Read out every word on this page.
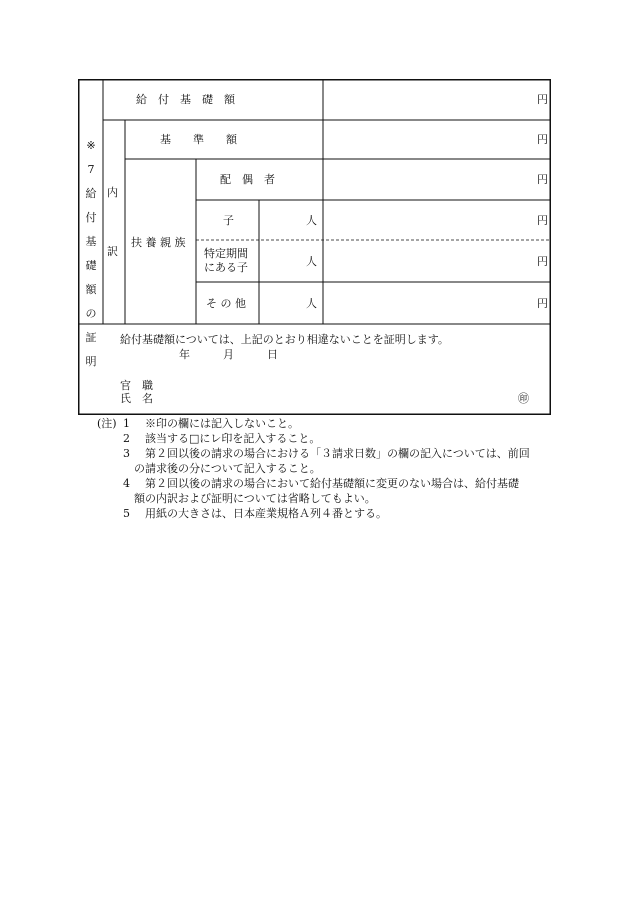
※
7
給
付
基
礎
額
の
証
明
内
訳
給　付　基　礎　額	円
基　　準　　額	円
扶 養 親 族
配　偶　者	円
子	人	円
特定期間
にある子	人	円
そ の 他	人	円
給付基礎額については、上記のとおり相違ないことを証明します。
年　　　月　　　日
官　職
氏　名	㊞
(注) 1 ※印の欄には記入しないこと。
2 該当する□にレ印を記入すること。
3 第２回以後の請求の場合における「３請求日数」の欄の記入については、前回
の請求後の分について記入すること。
4 第２回以後の請求の場合において給付基礎額に変更のない場合は、給付基礎
額の内訳および証明については省略してもよい。
5 用紙の大きさは、日本産業規格Ａ列４番とする。
